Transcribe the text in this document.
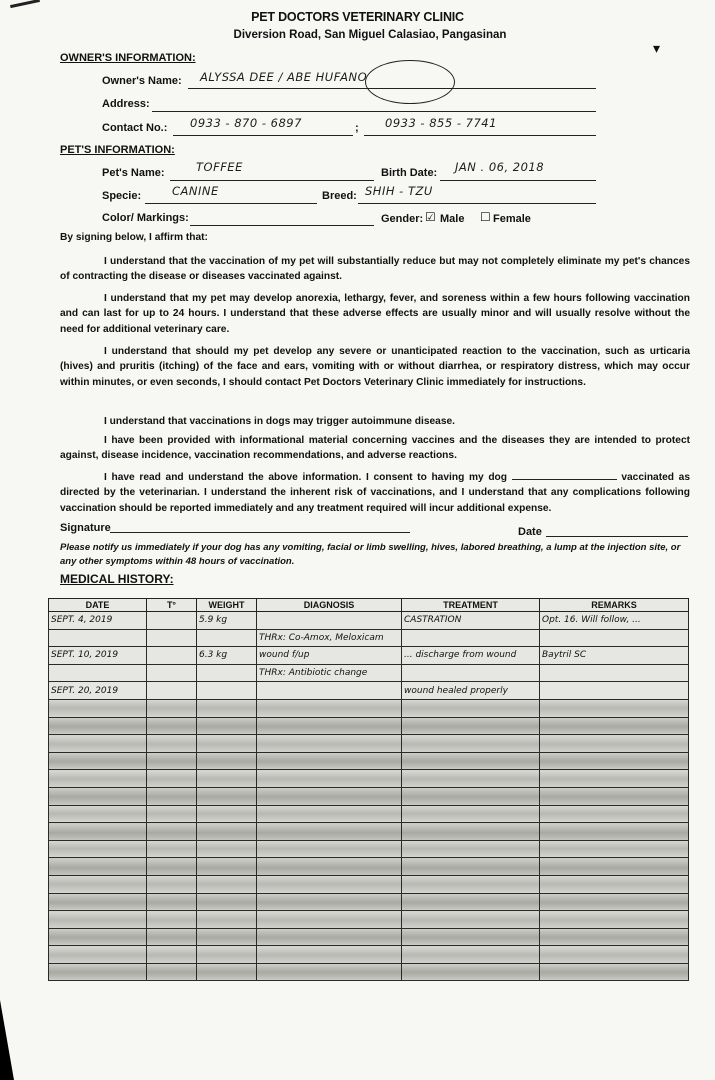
▾
PET DOCTORS VETERINARY CLINIC
Diversion Road, San Miguel Calasiao, Pangasinan
OWNER'S INFORMATION:
Owner's Name: ALYSSA DEE / ABE HUFANO
Address:
Contact No.: 0933 - 870 - 6897	; 0933 - 855 - 7741
PET'S INFORMATION:
Pet's Name:	TOFFEE	Birth Date: JAN . 06, 2018
Specie:	CANINE	Breed: SHIH - TZU
Color/ Markings:	Gender: ☑ Male ☐ Female
By signing below, I affirm that:
I understand that the vaccination of my pet will substantially reduce but may not completely eliminate my pet's chances of contracting the disease or diseases vaccinated against.
I understand that my pet may develop anorexia, lethargy, fever, and soreness within a few hours following vaccination and can last for up to 24 hours. I understand that these adverse effects are usually minor and will usually resolve without the need for additional veterinary care.
I understand that should my pet develop any severe or unanticipated reaction to the vaccination, such as urticaria (hives) and pruritis (itching) of the face and ears, vomiting with or without diarrhea, or respiratory distress, which may occur within minutes, or even seconds, I should contact Pet Doctors Veterinary Clinic immediately for instructions.
I understand that vaccinations in dogs may trigger autoimmune disease.
I have been provided with informational material concerning vaccines and the diseases they are intended to protect against, disease incidence, vaccination recommendations, and adverse reactions.
I have read and understand the above information. I consent to having my dog	vaccinated as directed by the veterinarian. I understand the inherent risk of vaccinations, and I understand that any complications following vaccination should be reported immediately and any treatment required will incur additional expense.
Signature	Date
Please notify us immediately if your dog has any vomiting, facial or limb swelling, hives, labored breathing, a lump at the injection site, or any other symptoms within 48 hours of vaccination.
MEDICAL HISTORY:
DATE	T°	WEIGHT	DIAGNOSIS	TREATMENT	REMARKS
SEPT. 4, 2019		5.9 kg		CASTRATION	Opt. 16. Will follow, ...
			THRx: Co-Amox, Meloxicam		
SEPT. 10, 2019		6.3 kg	wound f/up	... discharge from wound	Baytril SC
			THRx: Antibiotic change		
SEPT. 20, 2019				wound healed properly	
